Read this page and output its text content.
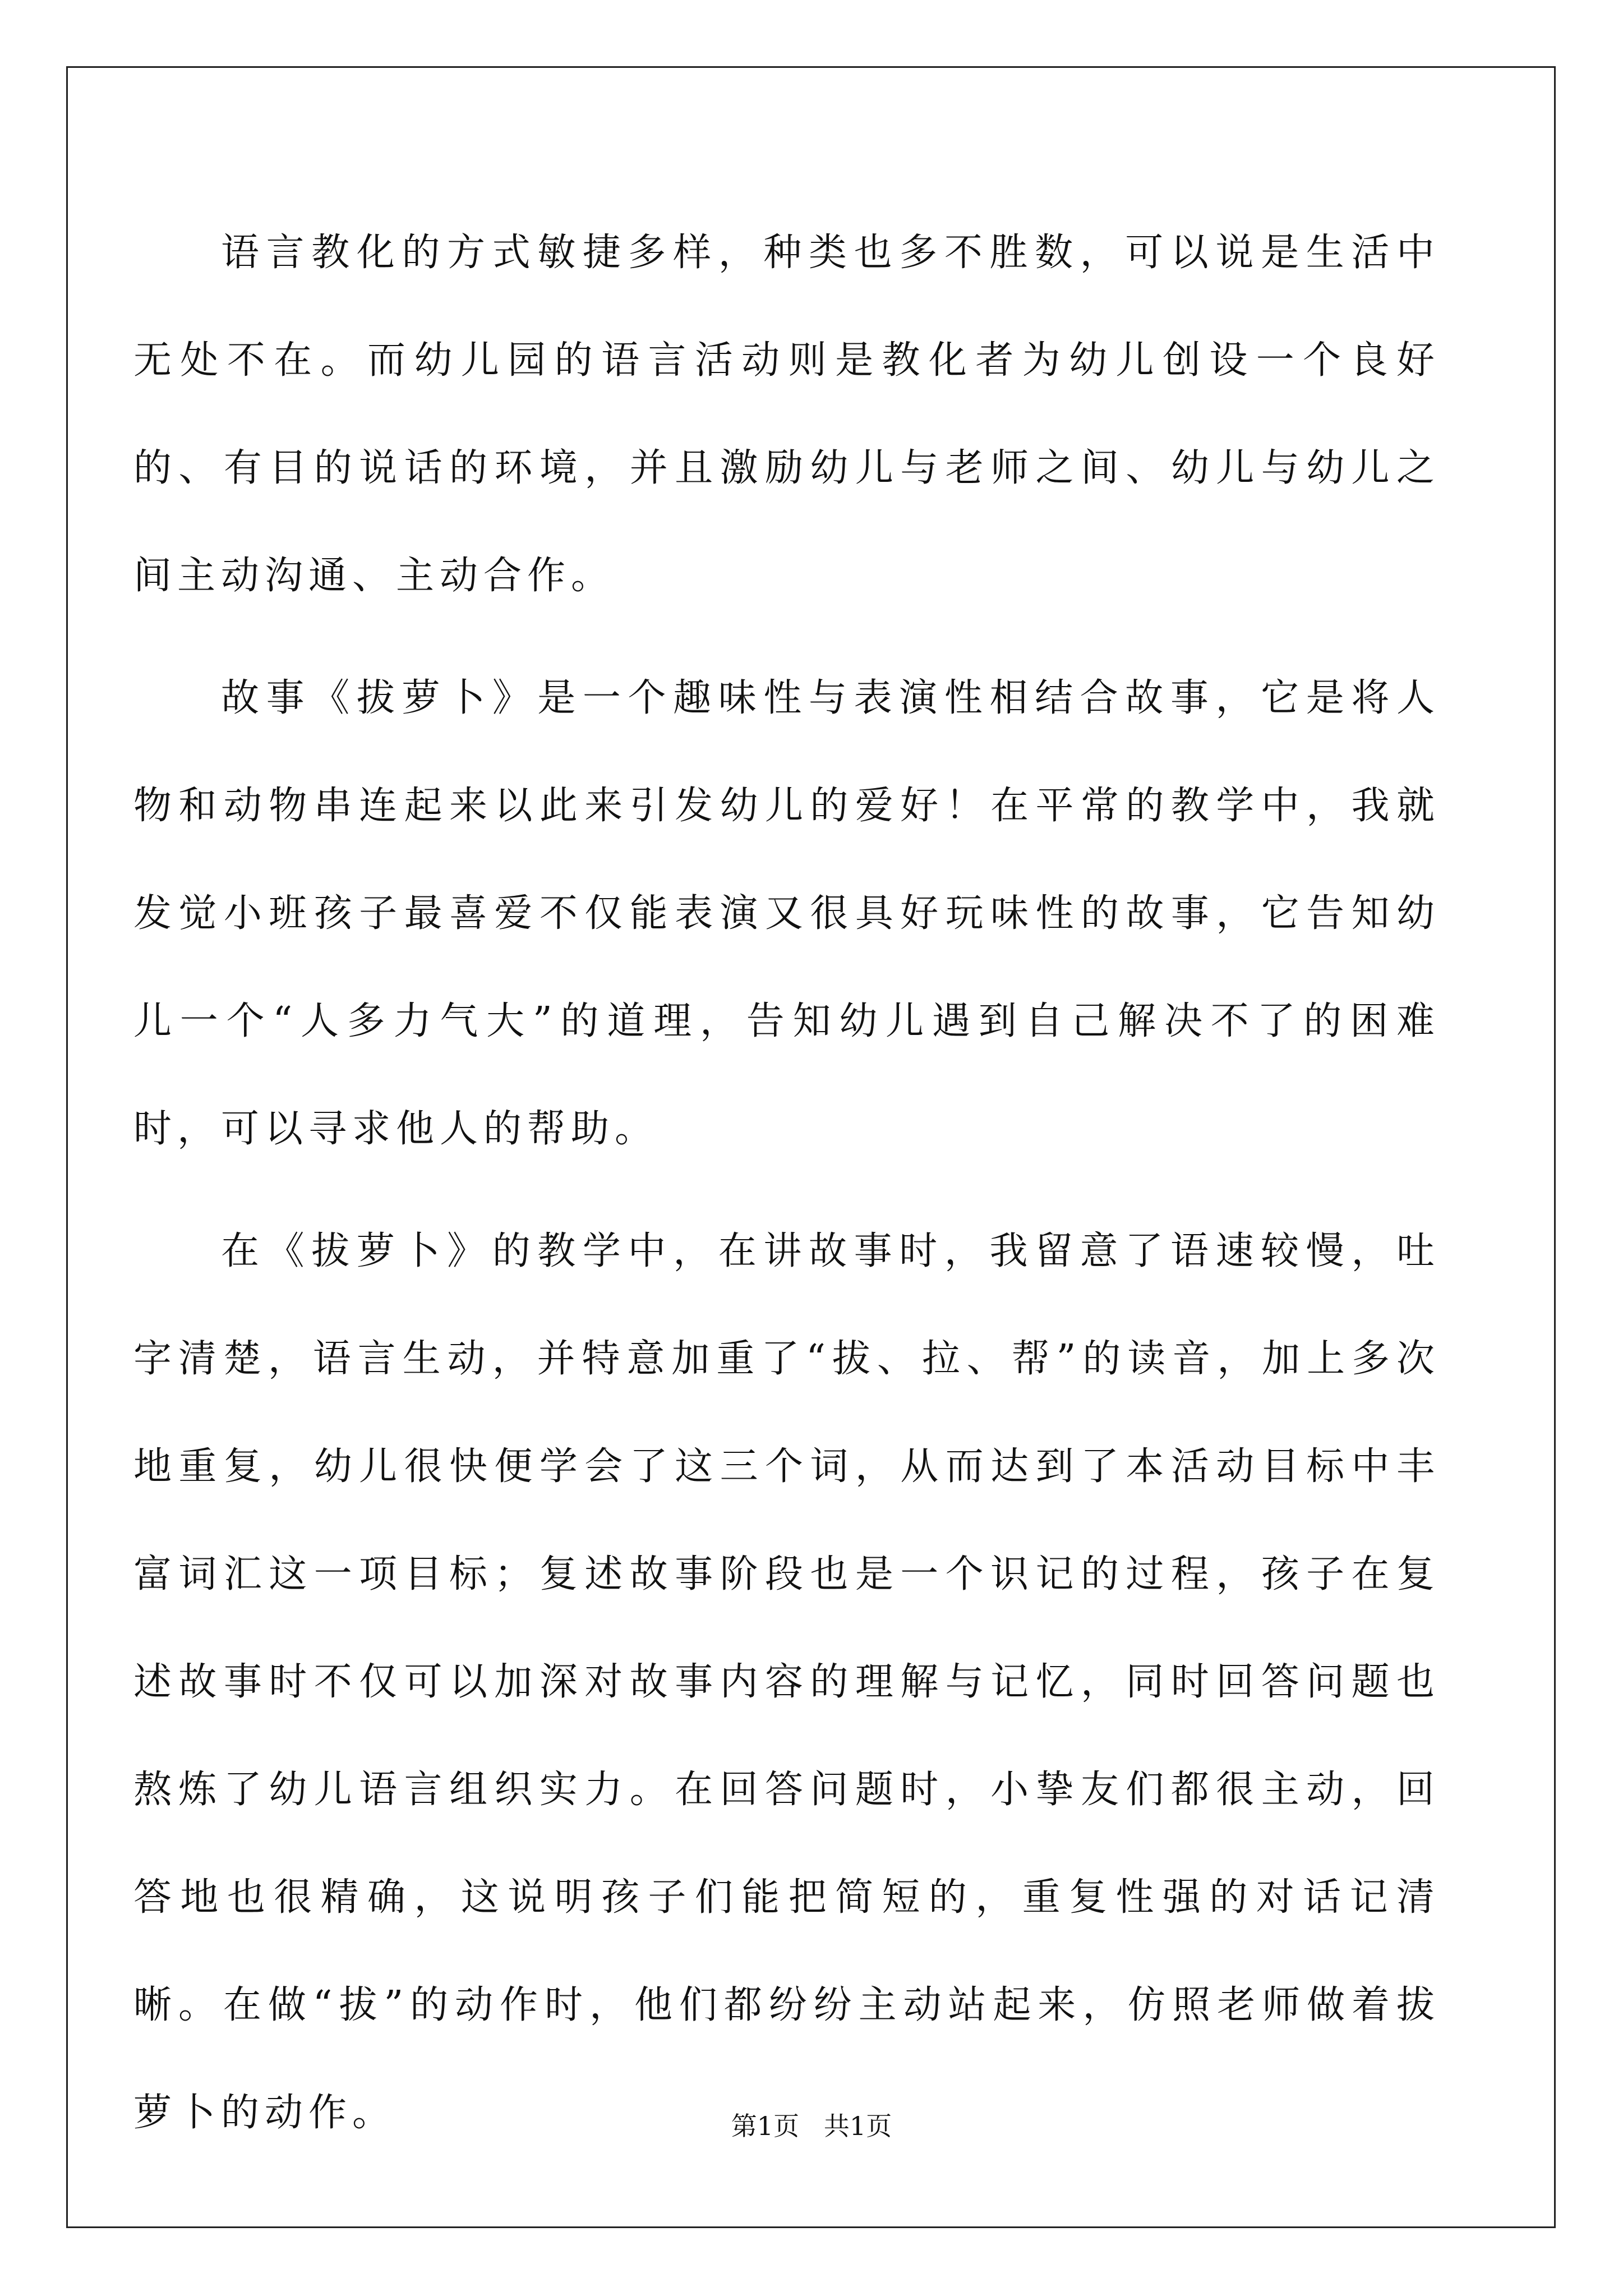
语言教化的方式敏捷多样，种类也多不胜数，可以说是生活中无处不在。而幼儿园的语言活动则是教化者为幼儿创设一个良好的、有目的说话的环境，并且激励幼儿与老师之间、幼儿与幼儿之间主动沟通、主动合作。

故事《拔萝卜》是一个趣味性与表演性相结合故事，它是将人物和动物串连起来以此来引发幼儿的爱好！在平常的教学中，我就发觉小班孩子最喜爱不仅能表演又很具好玩味性的故事，它告知幼儿一个“人多力气大”的道理，告知幼儿遇到自己解决不了的困难时，可以寻求他人的帮助。

在《拔萝卜》的教学中，在讲故事时，我留意了语速较慢，吐字清楚，语言生动，并特意加重了“拔、拉、帮”的读音，加上多次地重复，幼儿很快便学会了这三个词，从而达到了本活动目标中丰富词汇这一项目标；复述故事阶段也是一个识记的过程，孩子在复述故事时不仅可以加深对故事内容的理解与记忆，同时回答问题也熬炼了幼儿语言组织实力。在回答问题时，小挚友们都很主动，回答地也很精确，这说明孩子们能把简短的，重复性强的对话记清晰。在做“拔”的动作时，他们都纷纷主动站起来，仿照老师做着拔萝卜的动作。	第1页   共1页
